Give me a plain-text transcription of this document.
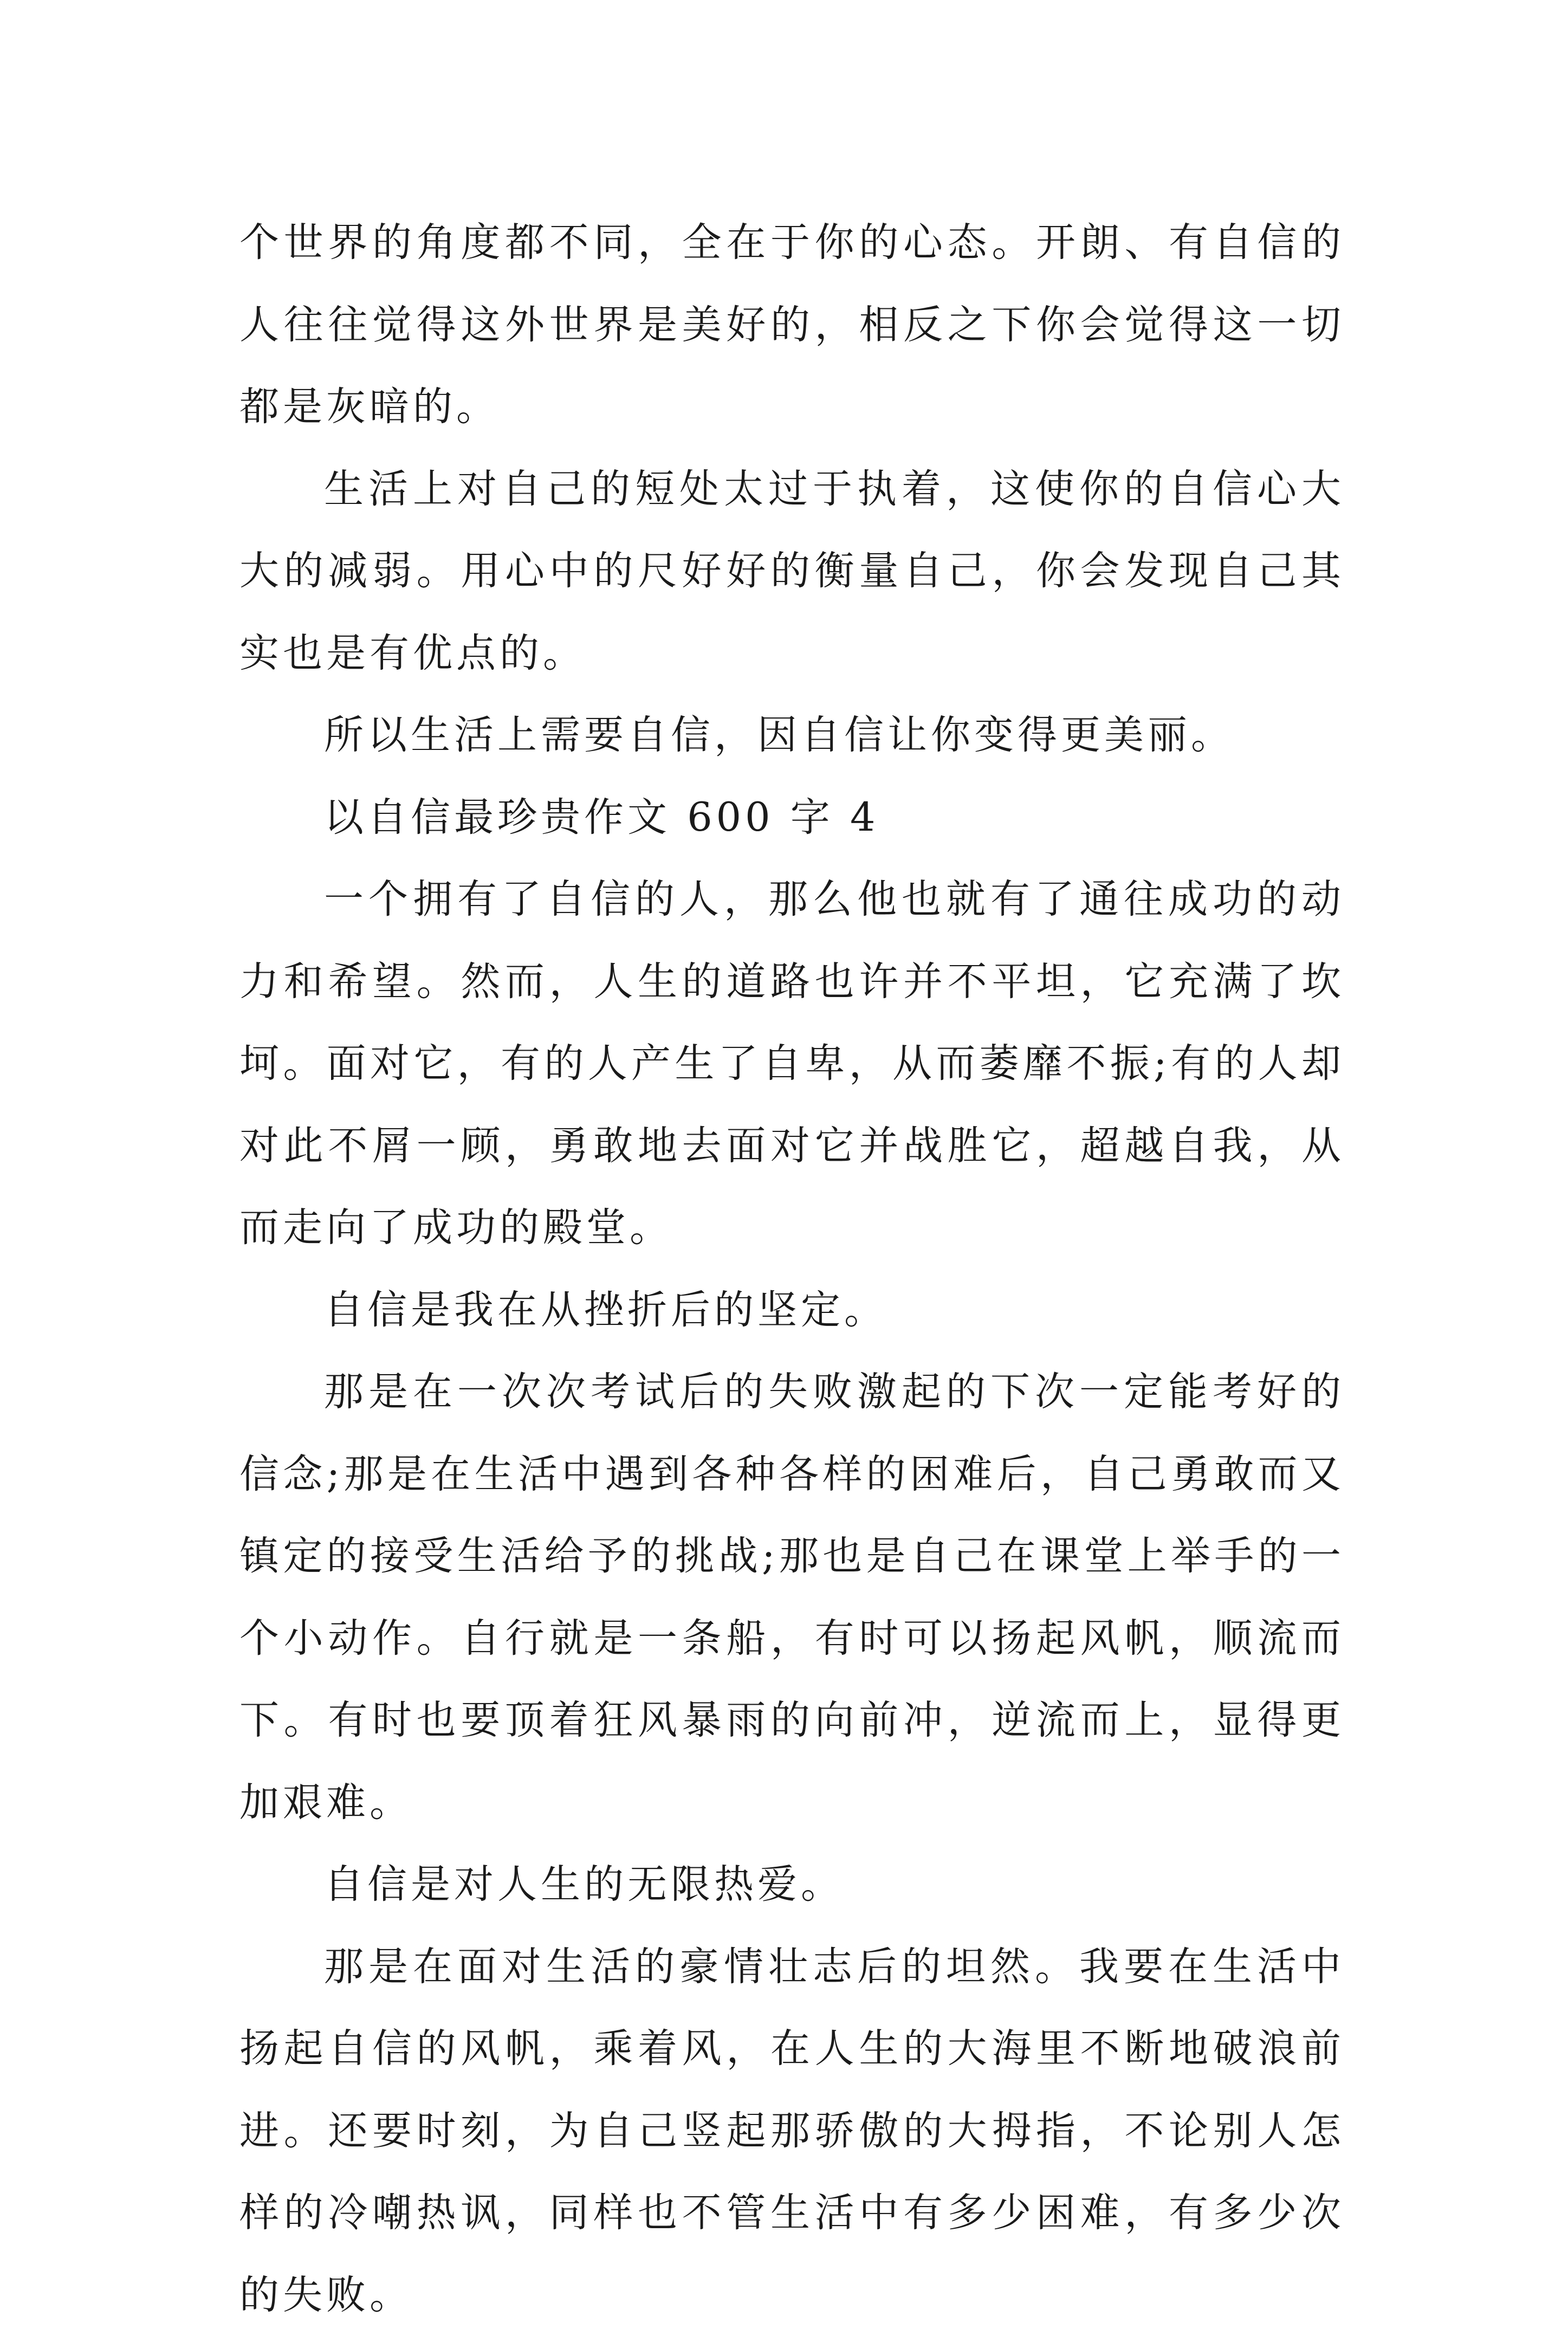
个世界的角度都不同，全在于你的心态。开朗、有自信的人往往觉得这外世界是美好的，相反之下你会觉得这一切都是灰暗的。

生活上对自己的短处太过于执着，这使你的自信心大大的减弱。用心中的尺好好的衡量自己，你会发现自己其实也是有优点的。

所以生活上需要自信，因自信让你变得更美丽。

以自信最珍贵作文 600 字 4

一个拥有了自信的人，那么他也就有了通往成功的动力和希望。然而，人生的道路也许并不平坦，它充满了坎坷。面对它，有的人产生了自卑，从而萎靡不振;有的人却对此不屑一顾，勇敢地去面对它并战胜它，超越自我，从而走向了成功的殿堂。

自信是我在从挫折后的坚定。

那是在一次次考试后的失败激起的下次一定能考好的信念;那是在生活中遇到各种各样的困难后，自己勇敢而又镇定的接受生活给予的挑战;那也是自己在课堂上举手的一个小动作。自行就是一条船，有时可以扬起风帆，顺流而下。有时也要顶着狂风暴雨的向前冲，逆流而上，显得更加艰难。

自信是对人生的无限热爱。

那是在面对生活的豪情壮志后的坦然。我要在生活中扬起自信的风帆，乘着风，在人生的大海里不断地破浪前进。还要时刻，为自己竖起那骄傲的大拇指，不论别人怎样的冷嘲热讽，同样也不管生活中有多少困难，有多少次的失败。
